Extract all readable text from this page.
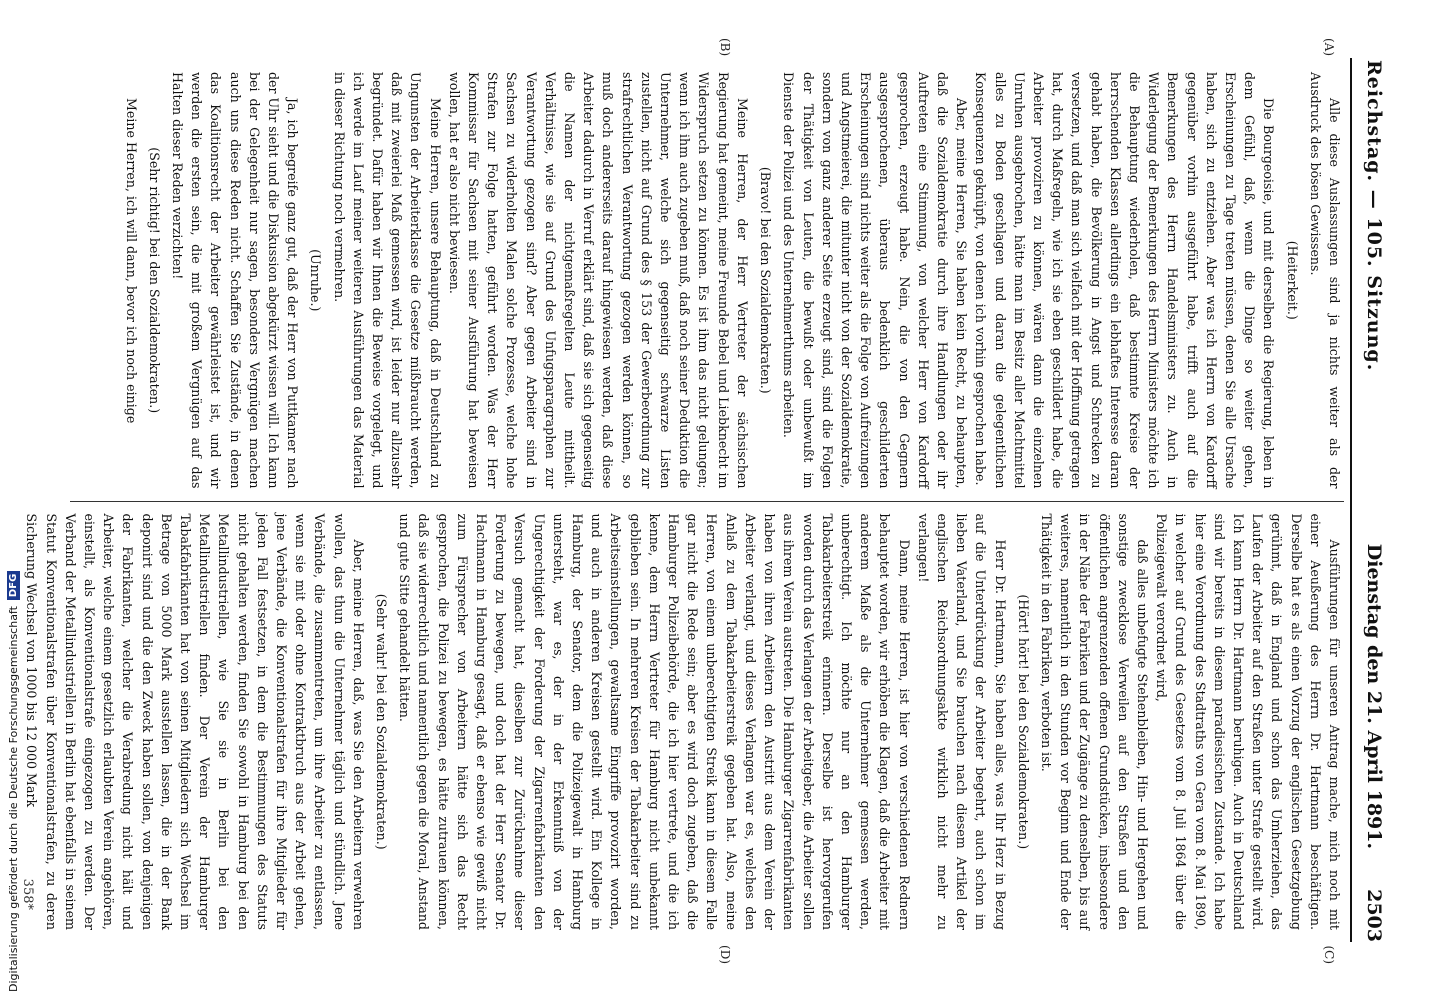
Reichstag. — 105. Sitzung.
Dienstag den 21. April 1891.
2503
(A)
(B)
(C)
(D)

Alle diese Auslassungen sind ja nichts weiter als der Ausdruck des bösen Gewissens.

(Heiterkeit.)

Die Bourgeoisie, und mit derselben die Regierung, leben in dem Gefühl, daß, wenn die Dinge so weiter gehen, Erscheinungen zu Tage treten müssen, denen Sie alle Ursache haben, sich zu entziehen. Aber was ich Herrn von Kardorff gegenüber vorhin ausgeführt habe, trifft auch auf die Bemerkungen des Herrn Handelsministers zu. Auch in Widerlegung der Bemerkungen des Herrn Ministers möchte ich die Behauptung wiederholen, daß bestimmte Kreise der herrschenden Klassen allerdings ein lebhaftes Interesse daran gehabt haben, die Bevölkerung in Angst und Schrecken zu versetzen, und daß man sich vielfach mit der Hoffnung getragen hat, durch Maßregeln, wie ich sie eben geschildert habe, die Arbeiter provoziren zu können, wären dann die einzelnen Unruhen ausgebrochen, hätte man im Besitz aller Machtmittel alles zu Boden geschlagen und daran die gelegentlichen Konsequenzen geknüpft, von denen ich vorhin gesprochen habe.

Aber, meine Herren, Sie haben kein Recht, zu behaupten, daß die Sozialdemokratie durch ihre Handlungen oder ihr Auftreten eine Stimmung, von welcher Herr von Kardorff gesprochen, erzeugt habe. Nein, die von den Gegnern ausgesprochenen, überaus bedenklich geschilderten Erscheinungen sind nichts weiter als die Folge von Aufreizungen und Angstmeierei, die mitunter nicht von der Sozialdemokratie, sondern von ganz anderer Seite erzeugt sind, sind die Folgen der Thätigkeit von Leuten, die bewußt oder unbewußt im Dienste der Polizei und des Unternehmerthums arbeiten.

(Bravo! bei den Sozialdemokraten.)

Meine Herren, der Herr Vertreter der sächsischen Regierung hat gemeint, meine Freunde Bebel und Liebknecht im Widerspruch setzen zu können. Es ist ihm das nicht gelungen; wenn ich ihm auch zugeben muß, daß noch seiner Deduktion die Unternehmer, welche sich gegenseitig schwarze Listen zustellen, nicht auf Grund des § 153 der Gewerbeordnung zur strafrechtlichen Verantwortung gezogen werden können, so muß doch andererseits darauf hingewiesen werden, daß diese Arbeiter dadurch in Verruf erklärt sind, daß sie sich gegenseitig die Namen der nichtgemaßregelten Leute mittheilt. Verhältnisse, wie sie auf Grund des Unfugsparagraphen zur Verantwortung gezogen sind? Aber gegen Arbeiter sind in Sachsen zu widerholten Malen solche Prozesse, welche hohe Strafen zur Folge hatten, geführt worden. Was der Herr Kommissar für Sachsen mit seiner Ausführung hat beweisen wollen, hat er also nicht bewiesen.

Meine Herren, unsere Behauptung, daß in Deutschland zu Ungunsten der Arbeiterklasse die Gesetze mißbraucht werden, daß mit zweierlei Maß gemessen wird, ist leider nur allzusehr begründet. Dafür haben wir Ihnen die Beweise vorgelegt, und ich werde im Lauf meiner weiteren Ausführungen das Material in dieser Richtung noch vermehren.

(Unruhe.)

Ja, ich begreife ganz gut, daß der Herr von Puttkamer nach der Uhr sieht und die Diskussion abgekürzt wissen will. Ich kann bei der Gelegenheit nur sagen, besonders Vergnügen machen auch uns diese Reden nicht. Schaffen Sie Zustände, in denen das Koalitionsrecht der Arbeiter gewährleistet ist, und wir werden die ersten sein, die mit großem Vergnügen auf das Halten dieser Reden verzichten!

(Sehr richtig! bei den Sozialdemokraten.)

Meine Herren, ich will dann, bevor ich noch einige

Ausführungen für unseren Antrag mache, mich noch mit einer Aeußerung des Herrn Dr. Hartmann beschäftigen. Derselbe hat es als einen Vorzug der englischen Gesetzgebung gerühmt, daß in England und schon das Umherziehen, das Laufen der Arbeiter auf den Straßen unter Strafe gestellt wird. Ich kann Herrn Dr. Hartmann beruhigen. Auch in Deutschland sind wir bereits in diesem paradiesischen Zustande. Ich habe hier eine Verordnung des Stadtraths von Gera vom 8. Mai 1890, in welcher auf Grund des Gesetzes vom 8. Juli 1864 über die Polizeigewalt verordnet wird,

daß alles unbefugte Stehenbleiben, Hin- und Hergehen und sonstige zwecklose Verweilen auf den Straßen und den öffentlichen angrenzenden offenen Grundstücken, insbesondere in der Nähe der Fabriken und der Zugänge zu denselben, bis auf weiteres, namentlich in den Stunden vor Beginn und Ende der Thätigkeit in den Fabriken, verboten ist.

(Hört! hört! bei den Sozialdemokraten.)

Herr Dr. Hartmann, Sie haben alles, was Ihr Herz in Bezug auf die Unterdrückung der Arbeiter begehrt, auch schon im lieben Vaterland, und Sie brauchen nach diesem Artikel der englischen Reichsordnungsakte wirklich nicht mehr zu verlangen!

Dann, meine Herren, ist hier von verschiedenen Rednern behauptet worden, wir erhöben die Klagen, daß die Arbeiter mit anderem Maße als die Unternehmer gemessen werden, unberechtigt. Ich möchte nur an den Hamburger Tabakarbeiterstreik erinnern. Derselbe ist hervorgerufen worden durch das Verlangen der Arbeitgeber, die Arbeiter sollen aus ihrem Verein austreten. Die Hamburger Zigarrenfabrikanten haben von ihren Arbeitern den Austritt aus dem Verein der Arbeiter verlangt, und dieses Verlangen war es, welches den Anlaß zu dem Tabakarbeiterstreik gegeben hat. Also, meine Herren, von einem unberechtigten Streik kann in diesem Falle gar nicht die Rede sein; aber es wird doch zugeben, daß die Hamburger Polizeibehörde, die ich hier vertrete, und die ich kenne, dem Herrn Vertreter für Hamburg nicht unbekannt geblieben sein. In mehreren Kreisen der Tabakarbeiter sind zu Arbeitseinstellungen, gewaltsame Eingriffe provozirt worden, und auch in anderen Kreisen gestellt wird. Ein Kollege in Hamburg, der Senator, dem die Polizeigewalt in Hamburg untersteht, war es, der in der Erkenntniß von der Ungerechtigkeit der Forderung der Zigarrenfabrikanten den Versuch gemacht hat, dieselben zur Zurücknahme dieser Forderung zu bewegen, und doch hat der Herr Senator Dr. Hachmann in Hamburg gesagt, daß er ebenso wie gewiß nicht zum Fürsprecher von Arbeitern hätte sich das Recht gesprochen, die Polizei zu bewegen, es hätte zutrauen können, daß sie widerrechtlich und namentlich gegen die Moral, Anstand und gute Sitte gehandelt hätten.

(Sehr wahr! bei den Sozialdemokraten.)

Aber, meine Herren, daß, was Sie den Arbeitern verwehren wollen, das thun die Unternehmer täglich und stündlich. Jene Verbände, die zusammentreten, um ihre Arbeiter zu entlassen, wenn sie mit oder ohne Kontraktbruch aus der Arbeit gehen, jene Verbände, die Konventionalstrafen für ihre Mitglieder für jeden Fall festsetzen, in dem die Bestimmungen des Statuts nicht gehalten werden, finden Sie sowohl in Hamburg bei den Metallindustriellen, wie Sie sie in Berlin bei den Metallindustriellen finden. Der Verein der Hamburger Tabakfabrikanten hat von seinen Mitgliedern sich Wechsel im Betrage von 5000 Mark ausstellen lassen, die in der Bank deponirt sind und die den Zweck haben sollen, von denjenigen der Fabrikanten, welcher die Verabredung nicht hält und Arbeiter, welche einem gesetzlich erlaubten Verein angehören, einstellt, als Konventionalstrafe eingezogen zu werden. Der Verband der Metallindustriellen in Berlin hat ebenfalls in seinem Statut Konventionalstrafen über Konventionalstrafen, zu deren Sicherung Wechsel von 1000 bis 12 000 Mark

358*
Digitalisierung gefördert durch die Deutsche Forschungsgemeinschaft
DFG
